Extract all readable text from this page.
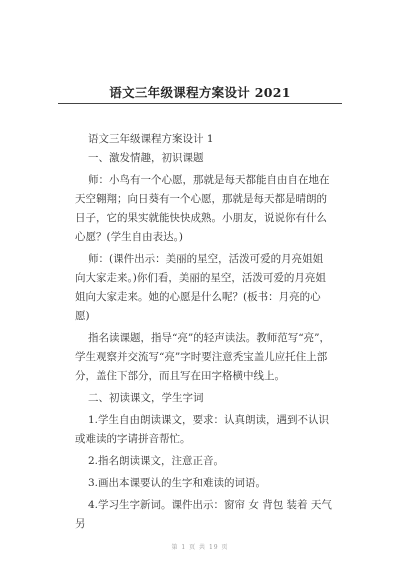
语文三年级课程方案设计 2021

语文三年级课程方案设计 1

一、激发情趣，初识课题

师：小鸟有一个心愿，那就是每天都能自由自在地在天空翱翔；向日葵有一个心愿，那就是每天都是晴朗的日子，它的果实就能快快成熟。小朋友，说说你有什么心愿？(学生自由表达。)

师：(课件出示：美丽的星空，活泼可爱的月亮姐姐向大家走来。)你们看，美丽的星空，活泼可爱的月亮姐姐向大家走来。她的心愿是什么呢？(板书：月亮的心愿)

指名读课题，指导“亮”的轻声读法。教师范写“亮”，学生观察并交流写“亮”字时要注意秃宝盖儿应托住上部分，盖住下部分，而且写在田字格横中线上。

二、初读课文，学生字词

1.学生自由朗读课文，要求：认真朗读，遇到不认识或难读的字请拼音帮忙。

2.指名朗读课文，注意正音。

3.画出本课要认的生字和难读的词语。

4.学习生字新词。课件出示：窗帘 女 背包 装着 天气 另

第 1 页 共 19 页
